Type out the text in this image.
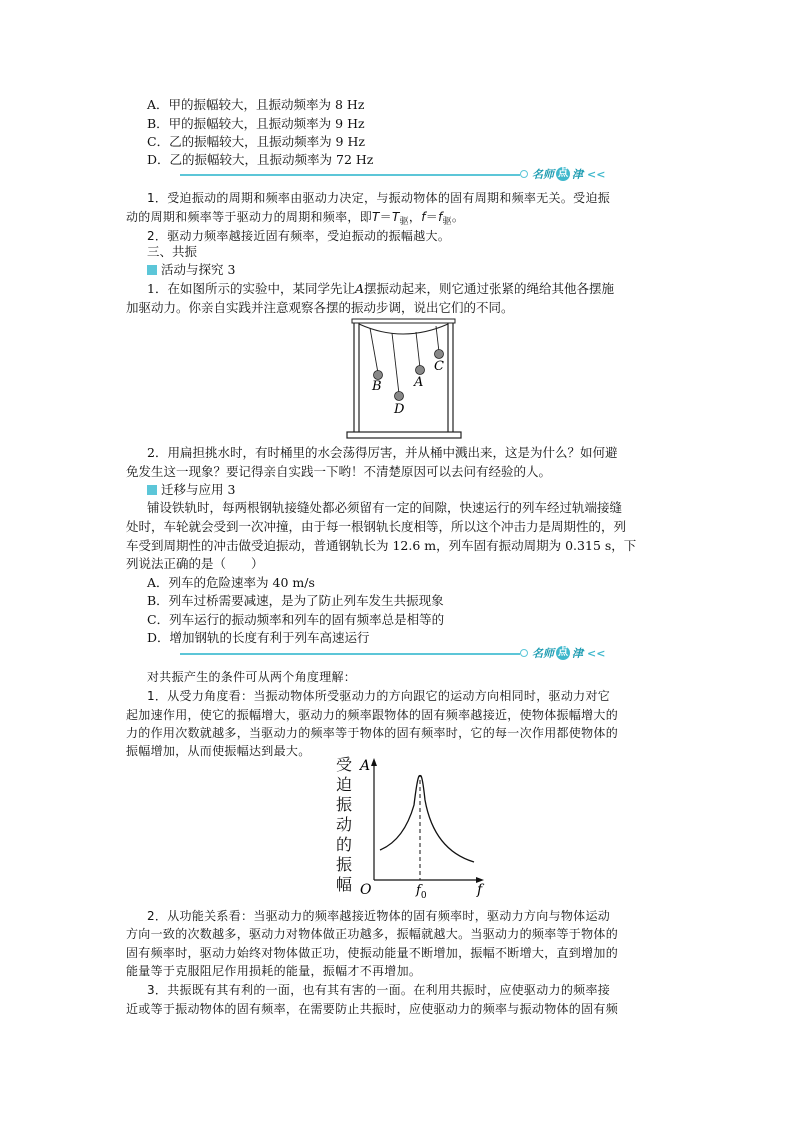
A．甲的振幅较大，且振动频率为 8 Hz
B．甲的振幅较大，且振动频率为 9 Hz
C．乙的振幅较大，且振动频率为 9 Hz
D．乙的振幅较大，且振动频率为 72 Hz
名师 点 津 <<
1．受迫振动的周期和频率由驱动力决定，与振动物体的固有周期和频率无关。受迫振
动的周期和频率等于驱动力的周期和频率，即$T=T_驱$，$f=f_驱$。
2．驱动力频率越接近固有频率，受迫振动的振幅越大。
三、共振
活动与探究 3
1．在如图所示的实验中，某同学先让A摆振动起来，则它通过张紧的绳给其他各摆施
加驱动力。你亲自实践并注意观察各摆的振动步调，说出它们的不同。
B
D
A
C
2．用扁担挑水时，有时桶里的水会荡得厉害，并从桶中溅出来，这是为什么？如何避
免发生这一现象？要记得亲自实践一下哟！不清楚原因可以去问有经验的人。
迁移与应用 3
铺设铁轨时，每两根钢轨接缝处都必须留有一定的间隙，快速运行的列车经过轨端接缝
处时，车轮就会受到一次冲撞，由于每一根钢轨长度相等，所以这个冲击力是周期性的，列
车受到周期性的冲击做受迫振动，普通钢轨长为 12.6 m，列车固有振动周期为 0.315 s，下
列说法正确的是（　　）
A．列车的危险速率为 40 m/s
B．列车过桥需要减速，是为了防止列车发生共振现象
C．列车运行的振动频率和列车的固有频率总是相等的
D．增加钢轨的长度有利于列车高速运行
名师 点 津 <<
对共振产生的条件可从两个角度理解：
1．从受力角度看：当振动物体所受驱动力的方向跟它的运动方向相同时，驱动力对它
起加速作用，使它的振幅增大，驱动力的频率跟物体的固有频率越接近，使物体振幅增大的
力的作用次数就越多，当驱动力的频率等于物体的固有频率时，它的每一次作用都使物体的
振幅增加，从而使振幅达到最大。
受
迫
振
动
的
振
幅
A
O	f
$f_0$
2．从功能关系看：当驱动力的频率越接近物体的固有频率时，驱动力方向与物体运动
方向一致的次数越多，驱动力对物体做正功越多，振幅就越大。当驱动力的频率等于物体的
固有频率时，驱动力始终对物体做正功，使振动能量不断增加，振幅不断增大，直到增加的
能量等于克服阻尼作用损耗的能量，振幅才不再增加。
3．共振既有其有利的一面，也有其有害的一面。在利用共振时，应使驱动力的频率接
近或等于振动物体的固有频率，在需要防止共振时，应使驱动力的频率与振动物体的固有频
